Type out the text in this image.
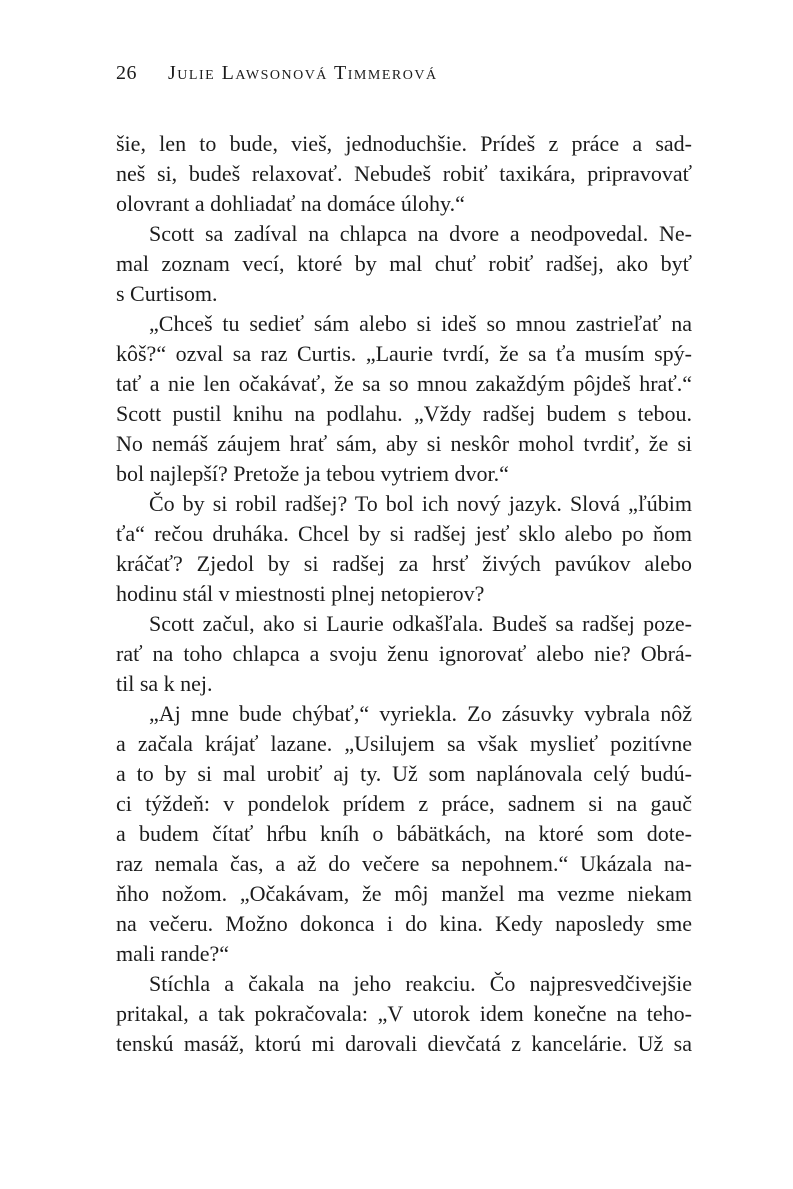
26 Julie Lawsonová Timmerová
šie, len to bude, vieš, jednoduchšie. Prídeš z práce a sad-
neš si, budeš relaxovať. Nebudeš robiť taxikára, pripravovať
olovrant a dohliadať na domáce úlohy.“
Scott sa zadíval na chlapca na dvore a neodpovedal. Ne-
mal zoznam vecí, ktoré by mal chuť robiť radšej, ako byť
s Curtisom.
„Chceš tu sedieť sám alebo si ideš so mnou zastrieľať na
kôš?“ ozval sa raz Curtis. „Laurie tvrdí, že sa ťa musím spý-
tať a nie len očakávať, že sa so mnou zakaždým pôjdeš hrať.“
Scott pustil knihu na podlahu. „Vždy radšej budem s tebou.
No nemáš záujem hrať sám, aby si neskôr mohol tvrdiť, že si
bol najlepší? Pretože ja tebou vytriem dvor.“
Čo by si robil radšej? To bol ich nový jazyk. Slová „ľúbim
ťa“ rečou druháka. Chcel by si radšej jesť sklo alebo po ňom
kráčať? Zjedol by si radšej za hrsť živých pavúkov alebo
hodinu stál v miestnosti plnej netopierov?
Scott začul, ako si Laurie odkašľala. Budeš sa radšej poze-
rať na toho chlapca a svoju ženu ignorovať alebo nie? Obrá-
til sa k nej.
„Aj mne bude chýbať,“ vyriekla. Zo zásuvky vybrala nôž
a začala krájať lazane. „Usilujem sa však myslieť pozitívne
a to by si mal urobiť aj ty. Už som naplánovala celý budú-
ci týždeň: v pondelok prídem z práce, sadnem si na gauč
a budem čítať hŕbu kníh o bábätkách, na ktoré som dote-
raz nemala čas, a až do večere sa nepohnem.“ Ukázala na-
ňho nožom. „Očakávam, že môj manžel ma vezme niekam
na večeru. Možno dokonca i do kina. Kedy naposledy sme
mali rande?“
Stíchla a čakala na jeho reakciu. Čo najpresvedčivejšie
pritakal, a tak pokračovala: „V utorok idem konečne na teho-
tenskú masáž, ktorú mi darovali dievčatá z kancelárie. Už sa
